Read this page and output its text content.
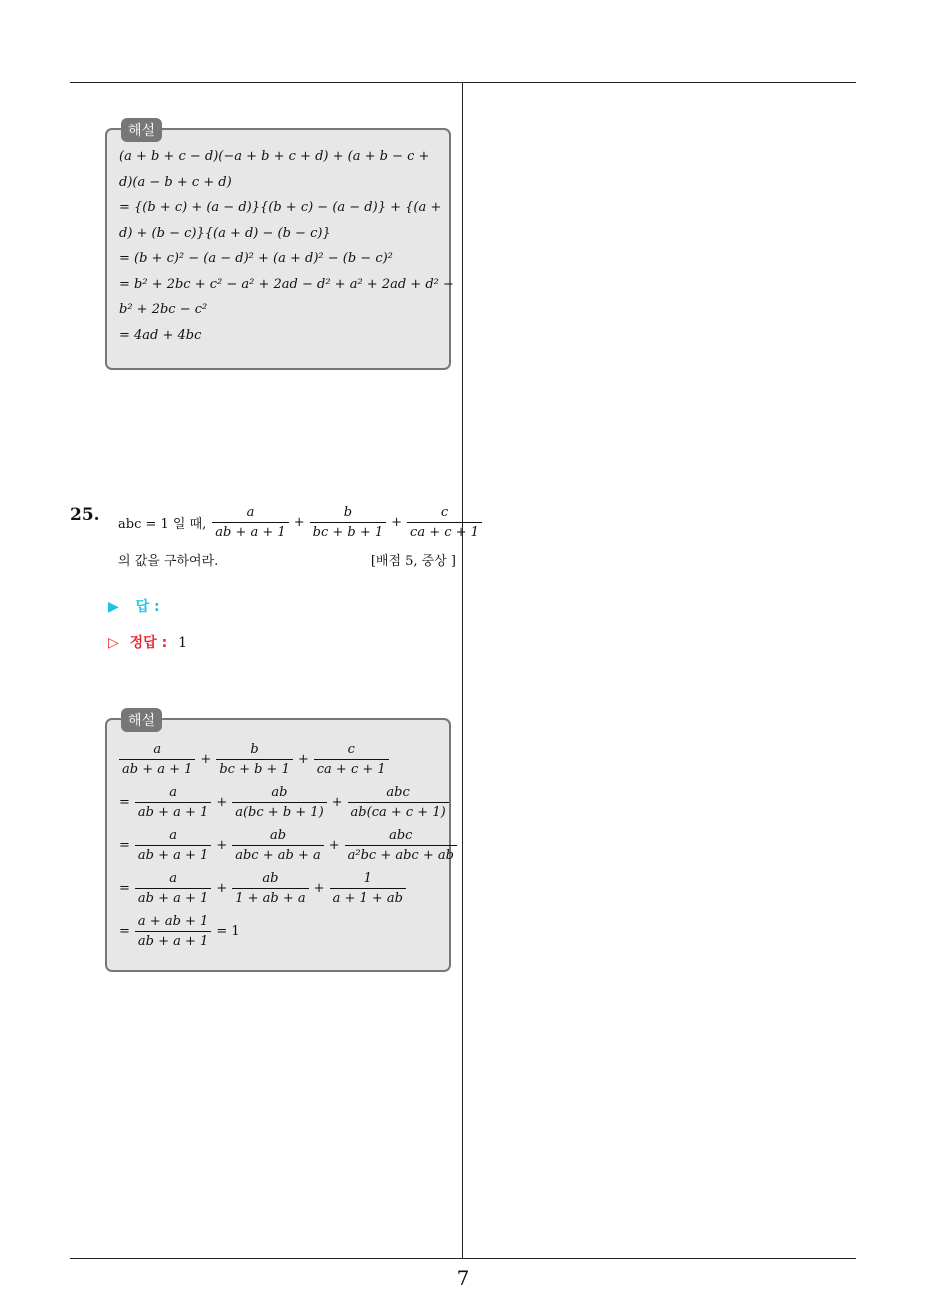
7
해설
(a + b + c − d)(−a + b + c + d) + (a + b − c +
d)(a − b + c + d)
= {(b + c) + (a − d)}{(b + c) − (a − d)} + {(a +
d) + (b − c)}{(a + d) − (b − c)}
= (b + c)² − (a − d)² + (a + d)² − (b − c)²
= b² + 2bc + c² − a² + 2ad − d² + a² + 2ad + d² −
b² + 2bc − c²
= 4ad + 4bc
25. abc = 1 일 때, $\frac{a}{ab + a + 1} + \frac{b}{bc + b + 1} + \frac{c}{ca + c + 1}$
의 값을 구하여라.	[배점 5, 중상 ]
▶ 답 :
▷ 정답 : 1
해설
$\frac{a}{ab + a + 1} + \frac{b}{bc + b + 1} + \frac{c}{ca + c + 1}$
= $\frac{a}{ab + a + 1} + \frac{ab}{a(bc + b + 1)} + \frac{\text{abc}}{ab(ca + c + 1)}$
= $\frac{a}{ab + a + 1} + \frac{ab}{\text{abc + ab + a}} + \frac{\text{abc}}{\text{a²bc + abc + ab}}$
= $\frac{a}{ab + a + 1} + \frac{ab}{1 + ab + a} + \frac{1}{a + 1 + ab}$
= $\frac{a + ab + 1}{ab + a + 1} = 1$
